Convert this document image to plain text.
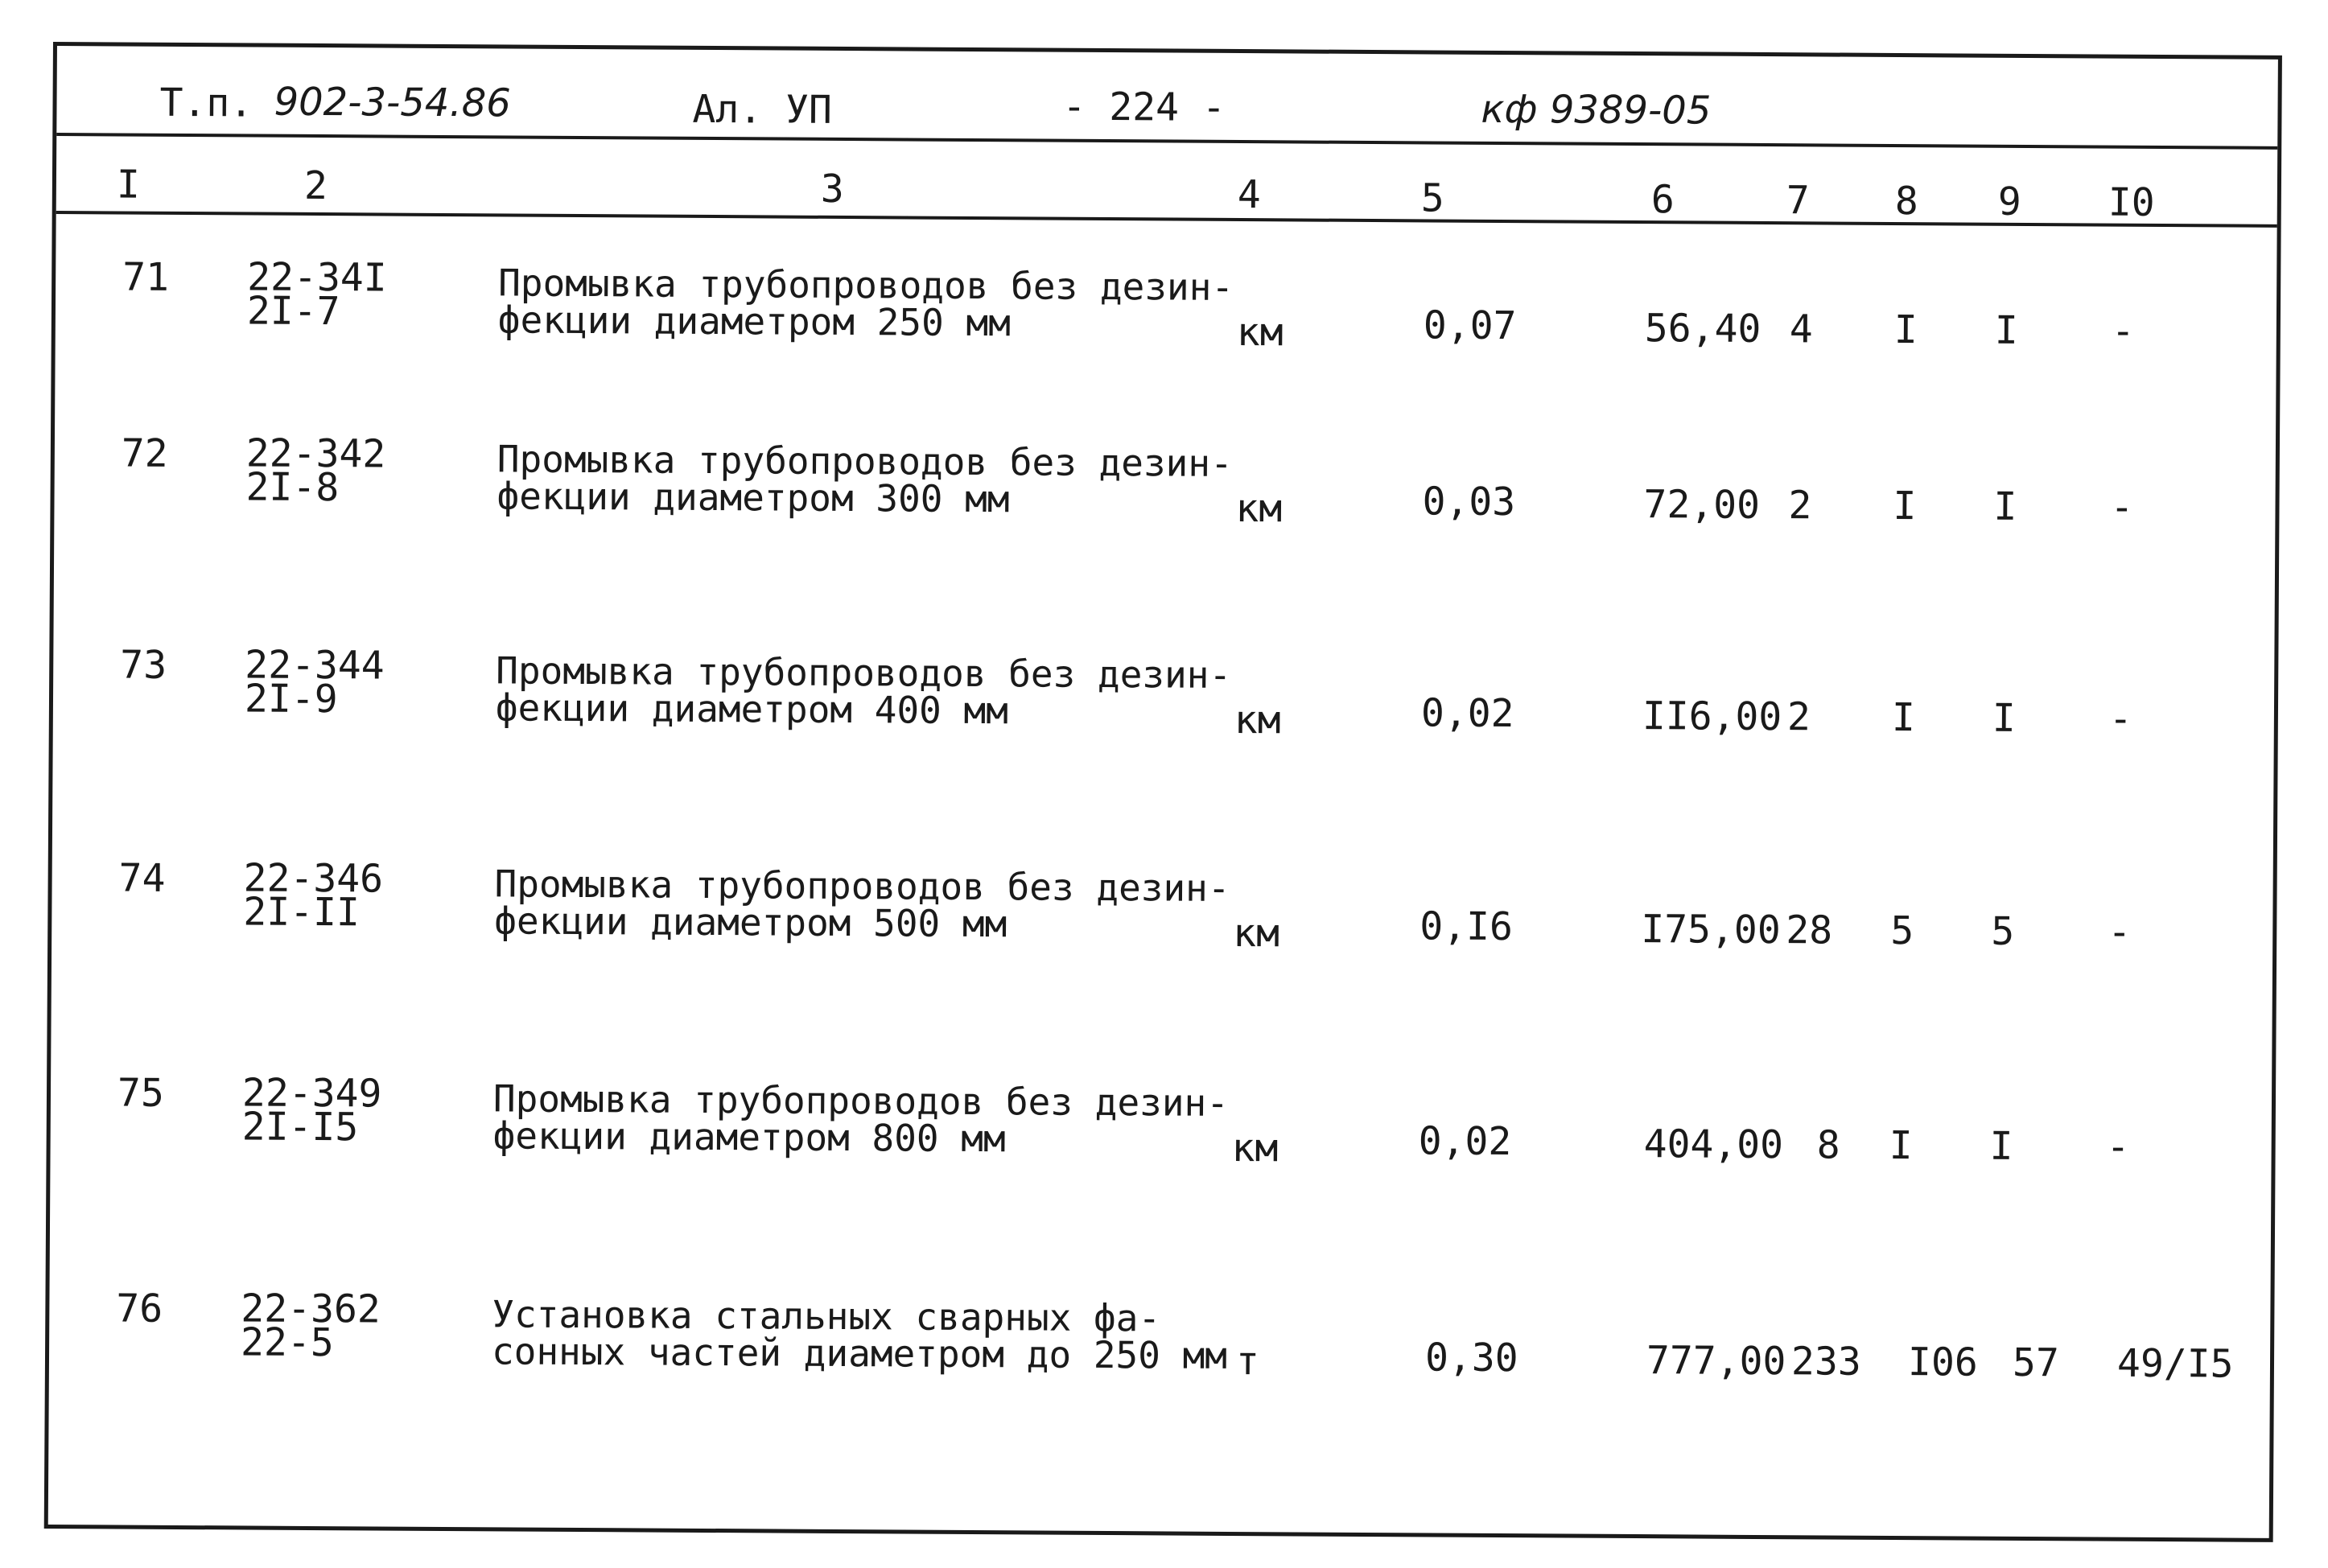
Т.п. 902-3-54.86	Ал. УП	- 224 -	кф 9389-05
I	2	3	4	5	6	7 8 9 I0
71 22-34I
2I-7
Промывка трубопроводов без дезин-
фекции диаметром 250 мм	км	0,07	56,40 4 I I -
72 22-342
2I-8
Промывка трубопроводов без дезин-
фекции диаметром 300 мм	км	0,03	72,00 2 I I -
73 22-344
2I-9
Промывка трубопроводов без дезин-
фекции диаметром 400 мм	км	0,02	II6,00 2 I I -
74 22-346
2I-II
Промывка трубопроводов без дезин-
фекции диаметром 500 мм	км	0,I6	I75,00 28 5 5 -
75 22-349
2I-I5
Промывка трубопроводов без дезин-
фекции диаметром 800 мм	км	0,02	404,00 8 I I -
76 22-362
22-5
Установка стальных сварных фа-
сонных частей диаметром до 250 мм т	0,30	777,00 233 I06 57 49/I5
